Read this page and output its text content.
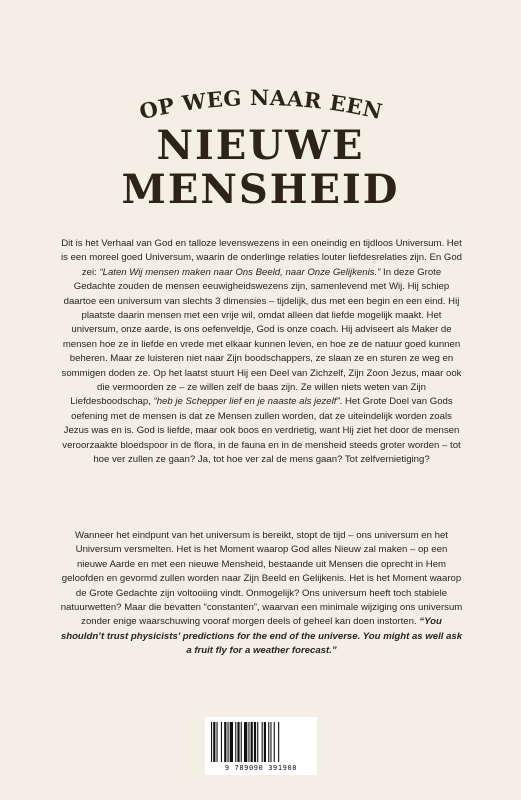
OP WEG NAAR EEN
NIEUWE
MENSHEID
Dit is het Verhaal van God en talloze levenswezens in een oneindig en tijdloos Universum. Het is een moreel goed Universum, waarin de onderlinge relaties louter liefdesrelaties zijn. En God zei: “Laten Wij mensen maken naar Ons Beeld, naar Onze Gelijkenis.” In deze Grote Gedachte zouden de mensen eeuwigheidswezens zijn, samenlevend met Wij. Hij schiep daartoe een universum van slechts 3 dimensies – tijdelijk, dus met een begin en een eind. Hij plaatste daarin mensen met een vrije wil, omdat alleen dat liefde mogelijk maakt. Het universum, onze aarde, is ons oefenveldje, God is onze coach. Hij adviseert als Maker de mensen hoe ze in liefde en vrede met elkaar kunnen leven, en hoe ze de natuur goed kunnen beheren. Maar ze luisteren niet naar Zijn boodschappers, ze slaan ze en sturen ze weg en sommigen doden ze. Op het laatst stuurt Hij een Deel van Zichzelf, Zijn Zoon Jezus, maar ook die vermoorden ze – ze willen zelf de baas zijn. Ze willen niets weten van Zijn Liefdesboodschap, “heb je Schepper lief en je naaste als jezelf”. Het Grote Doel van Gods oefening met de mensen is dat ze Mensen zullen worden, dat ze uiteindelijk worden zoals Jezus was en is. God is liefde, maar ook boos en verdrietig, want Hij ziet het door de mensen veroorzaakte bloedspoor in de flora, in de fauna en in de mensheid steeds groter worden – tot hoe ver zullen ze gaan? Ja, tot hoe ver zal de mens gaan? Tot zelfvernietiging?
Wanneer het eindpunt van het universum is bereikt, stopt de tijd – ons universum en het Universum versmelten. Het is het Moment waarop God alles Nieuw zal maken – op een nieuwe Aarde en met een nieuwe Mensheid, bestaande uit Mensen die oprecht in Hem geloofden en gevormd zullen worden naar Zijn Beeld en Gelijkenis. Het is het Moment waarop de Grote Gedachte zijn voltooiing vindt. Onmogelijk? Ons universum heeft toch stabiele natuurwetten? Maar die bevatten “constanten”, waarvan een minimale wijziging ons universum zonder enige waarschuwing vooraf morgen deels of geheel kan doen instorten. “You shouldn’t trust physicists’ predictions for the end of the universe. You might as well ask a fruit fly for a weather forecast.”
9 789090 391908
